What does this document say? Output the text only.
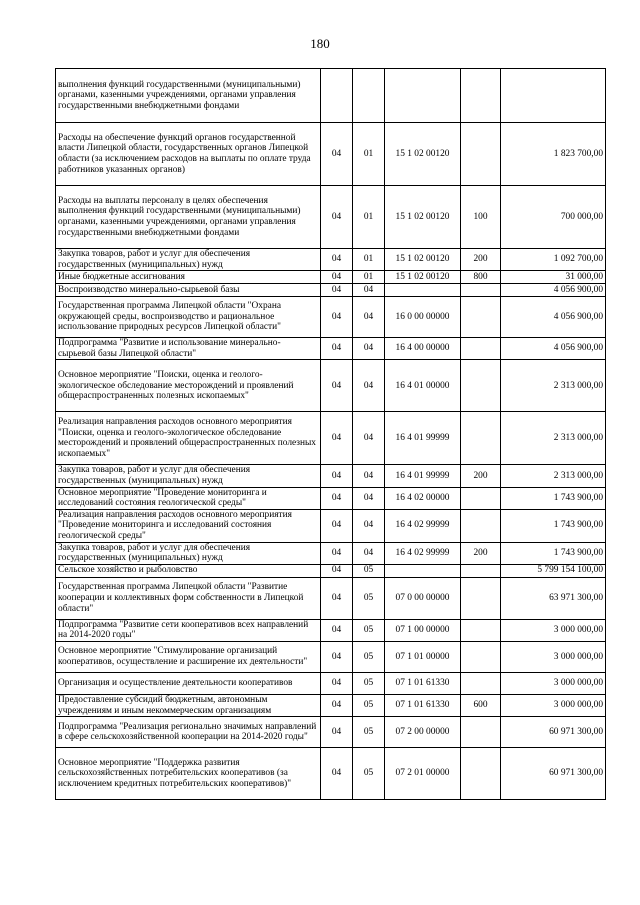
180
выполнения функций государственными (муниципальными) органами, казенными учреждениями, органами управления государственными внебюджетными фондами					
Расходы на обеспечение функций органов государственной власти Липецкой области, государственных органов Липецкой области (за исключением расходов на выплаты по оплате труда работников указанных органов)	04	01	15 1 02 00120		1 823 700,00
Расходы на выплаты персоналу в целях обеспечения выполнения функций государственными (муниципальными) органами, казенными учреждениями, органами управления государственными внебюджетными фондами	04	01	15 1 02 00120	100	700 000,00
Закупка товаров, работ и услуг для обеспечения государственных (муниципальных) нужд	04	01	15 1 02 00120	200	1 092 700,00
Иные бюджетные ассигнования	04	01	15 1 02 00120	800	31 000,00
Воспроизводство минерально-сырьевой базы	04	04			4 056 900,00
Государственная программа Липецкой области "Охрана окружающей среды, воспроизводство и рациональное использование природных ресурсов Липецкой области"	04	04	16 0 00 00000		4 056 900,00
Подпрограмма "Развитие и использование минерально-сырьевой базы Липецкой области"	04	04	16 4 00 00000		4 056 900,00
Основное мероприятие "Поиски, оценка и геолого-экологическое обследование месторождений и проявлений общераспространенных полезных ископаемых"	04	04	16 4 01 00000		2 313 000,00
Реализация направления расходов основного мероприятия "Поиски, оценка и геолого-экологическое обследование месторождений и проявлений общераспространенных полезных ископаемых"	04	04	16 4 01 99999		2 313 000,00
Закупка товаров, работ и услуг для обеспечения государственных (муниципальных) нужд	04	04	16 4 01 99999	200	2 313 000,00
Основное мероприятие "Проведение мониторинга и исследований состояния геологической среды"	04	04	16 4 02 00000		1 743 900,00
Реализация направления расходов основного мероприятия "Проведение мониторинга и исследований состояния геологической среды"	04	04	16 4 02 99999		1 743 900,00
Закупка товаров, работ и услуг для обеспечения государственных (муниципальных) нужд	04	04	16 4 02 99999	200	1 743 900,00
Сельское хозяйство и рыболовство	04	05			5 799 154 100,00
Государственная программа Липецкой области "Развитие кооперации и коллективных форм собственности в Липецкой области"	04	05	07 0 00 00000		63 971 300,00
Подпрограмма "Развитие сети кооперативов всех направлений на 2014-2020 годы"	04	05	07 1 00 00000		3 000 000,00
Основное мероприятие "Стимулирование организаций кооперативов, осуществление и расширение их деятельности"	04	05	07 1 01 00000		3 000 000,00
Организация и осуществление деятельности кооперативов	04	05	07 1 01 61330		3 000 000,00
Предоставление субсидий бюджетным, автономным учреждениям и иным некоммерческим организациям	04	05	07 1 01 61330	600	3 000 000,00
Подпрограмма "Реализация регионально значимых направлений в сфере сельскохозяйственной кооперации на 2014-2020 годы"	04	05	07 2 00 00000		60 971 300,00
Основное мероприятие "Поддержка развития сельскохозяйственных потребительских кооперативов (за исключением кредитных потребительских кооперативов)"	04	05	07 2 01 00000		60 971 300,00
